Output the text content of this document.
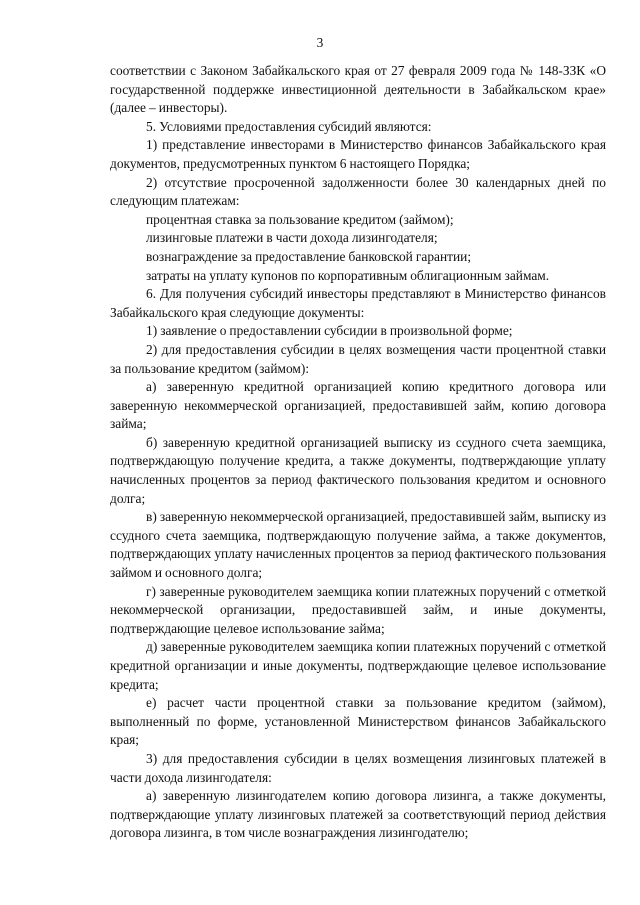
3

соответствии с Законом Забайкальского края от 27 февраля 2009 года № 148-ЗЗК «О государственной поддержке инвестиционной деятельности в Забайкальском крае» (далее – инвесторы).

5. Условиями предоставления субсидий являются:

1) представление инвесторами в Министерство финансов Забайкальского края документов, предусмотренных пунктом 6 настоящего Порядка;

2) отсутствие просроченной задолженности более 30 календарных дней по следующим платежам:

процентная ставка за пользование кредитом (займом);

лизинговые платежи в части дохода лизингодателя;

вознаграждение за предоставление банковской гарантии;

затраты на уплату купонов по корпоративным облигационным займам.

6. Для получения субсидий инвесторы представляют в Министерство финансов Забайкальского края следующие документы:

1) заявление о предоставлении субсидии в произвольной форме;

2) для предоставления субсидии в целях возмещения части процентной ставки за пользование кредитом (займом):

а) заверенную кредитной организацией копию кредитного договора или заверенную некоммерческой организацией, предоставившей займ, копию договора займа;

б) заверенную кредитной организацией выписку из ссудного счета заемщика, подтверждающую получение кредита, а также документы, подтверждающие уплату начисленных процентов за период фактического пользования кредитом и основного долга;

в) заверенную некоммерческой организацией, предоставившей займ, выписку из ссудного счета заемщика, подтверждающую получение займа, а также документов, подтверждающих уплату начисленных процентов за период фактического пользования займом и основного долга;

г) заверенные руководителем заемщика копии платежных поручений с отметкой некоммерческой организации, предоставившей займ, и иные документы, подтверждающие целевое использование займа;

д) заверенные руководителем заемщика копии платежных поручений с отметкой кредитной организации и иные документы, подтверждающие целевое использование кредита;

е) расчет части процентной ставки за пользование кредитом (займом), выполненный по форме, установленной Министерством финансов Забайкальского края;

3) для предоставления субсидии в целях возмещения лизинговых платежей в части дохода лизингодателя:

а) заверенную лизингодателем копию договора лизинга, а также документы, подтверждающие уплату лизинговых платежей за соответствующий период действия договора лизинга, в том числе вознаграждения лизингодателю;
